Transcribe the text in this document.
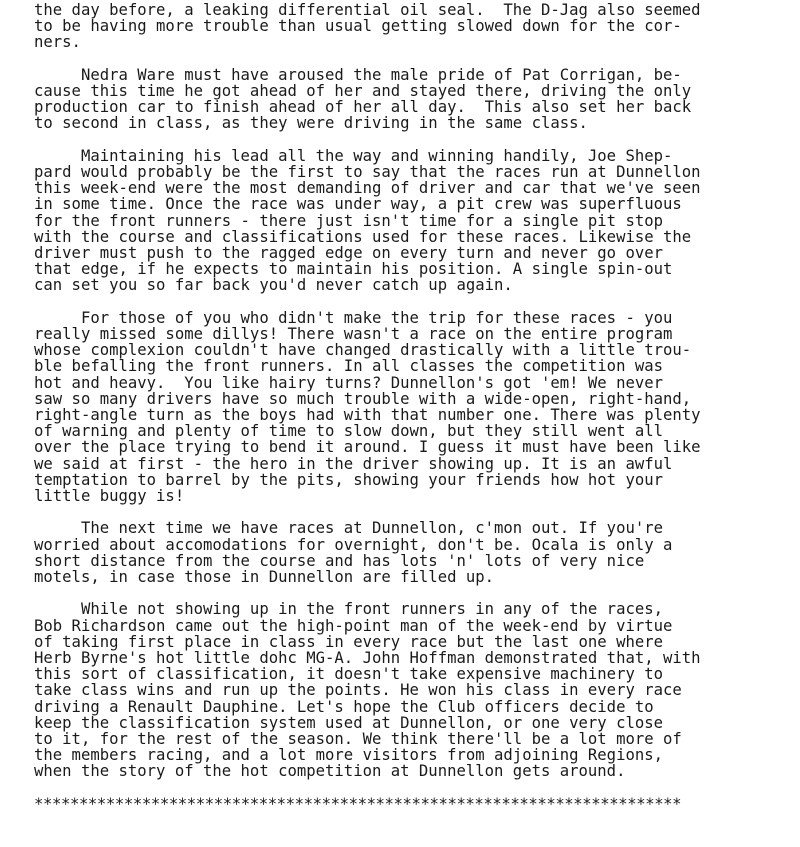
the day before, a leaking differential oil seal.  The D-Jag also seemed
to be having more trouble than usual getting slowed down for the cor-
ners.
Nedra Ware must have aroused the male pride of Pat Corrigan, be-
cause this time he got ahead of her and stayed there, driving the only
production car to finish ahead of her all day.  This also set her back
to second in class, as they were driving in the same class.
Maintaining his lead all the way and winning handily, Joe Shep-
pard would probably be the first to say that the races run at Dunnellon
this week-end were the most demanding of driver and car that we've seen
in some time. Once the race was under way, a pit crew was superfluous
for the front runners - there just isn't time for a single pit stop
with the course and classifications used for these races. Likewise the
driver must push to the ragged edge on every turn and never go over
that edge, if he expects to maintain his position. A single spin-out
can set you so far back you'd never catch up again.
For those of you who didn't make the trip for these races - you
really missed some dillys! There wasn't a race on the entire program
whose complexion couldn't have changed drastically with a little trou-
ble befalling the front runners. In all classes the competition was
hot and heavy.  You like hairy turns? Dunnellon's got 'em! We never
saw so many drivers have so much trouble with a wide-open, right-hand,
right-angle turn as the boys had with that number one. There was plenty
of warning and plenty of time to slow down, but they still went all
over the place trying to bend it around. I guess it must have been like
we said at first - the hero in the driver showing up. It is an awful
temptation to barrel by the pits, showing your friends how hot your
little buggy is!
The next time we have races at Dunnellon, c'mon out. If you're
worried about accomodations for overnight, don't be. Ocala is only a
short distance from the course and has lots 'n' lots of very nice
motels, in case those in Dunnellon are filled up.
While not showing up in the front runners in any of the races,
Bob Richardson came out the high-point man of the week-end by virtue
of taking first place in class in every race but the last one where
Herb Byrne's hot little dohc MG-A. John Hoffman demonstrated that, with
this sort of classification, it doesn't take expensive machinery to
take class wins and run up the points. He won his class in every race
driving a Renault Dauphine. Let's hope the Club officers decide to
keep the classification system used at Dunnellon, or one very close
to it, for the rest of the season. We think there'll be a lot more of
the members racing, and a lot more visitors from adjoining Regions,
when the story of the hot competition at Dunnellon gets around.
************************************************************************
